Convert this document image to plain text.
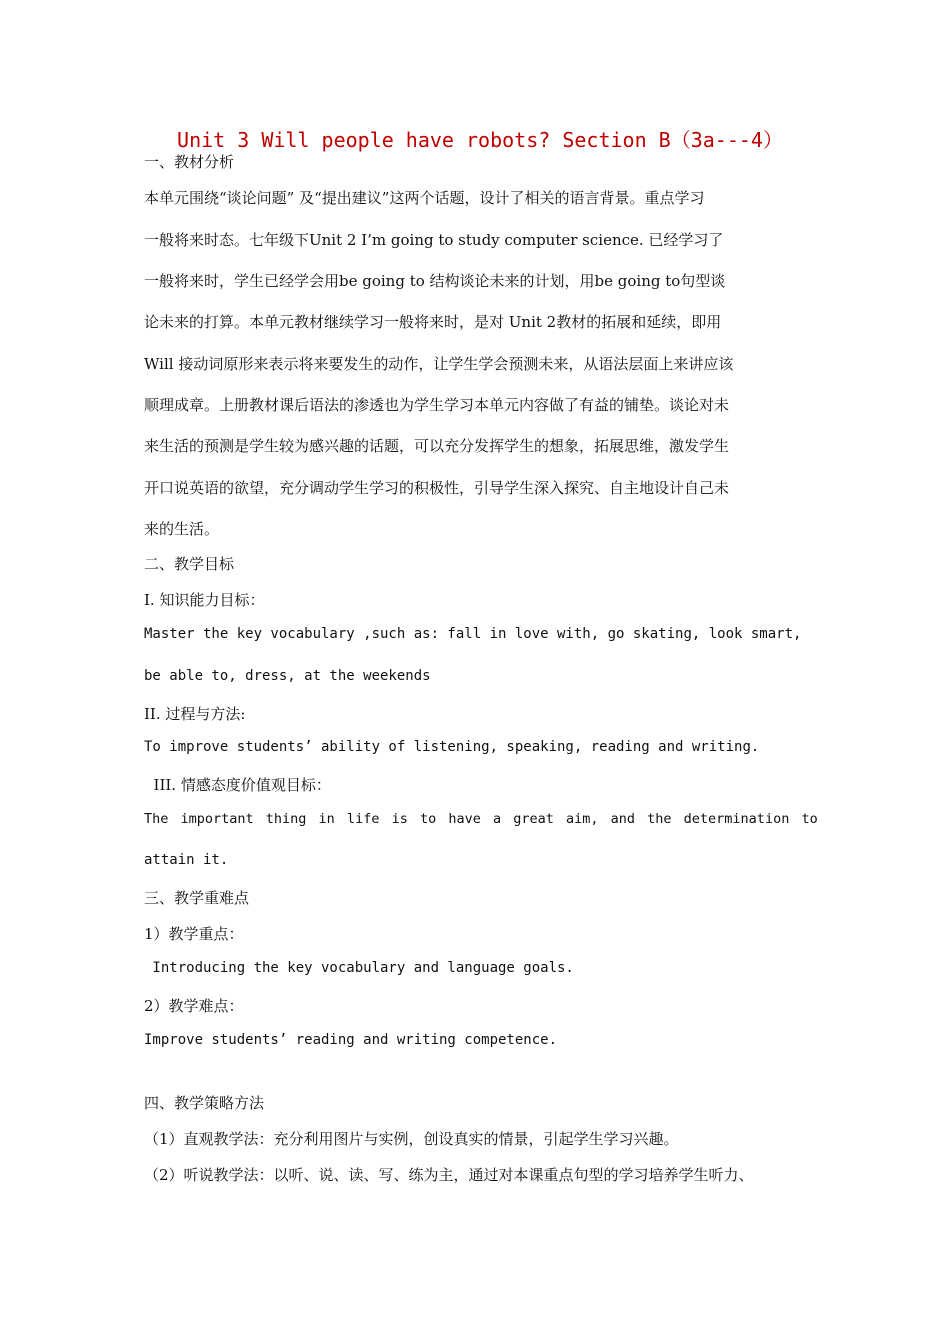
Unit 3 Will people have robots? Section B（3a---4）
一、教材分析
本单元围绕“谈论问题” 及“提出建议”这两个话题，设计了相关的语言背景。重点学习
一般将来时态。七年级下Unit 2 I’m going to study computer science. 已经学习了
一般将来时，学生已经学会用be going to 结构谈论未来的计划，用be going to句型谈
论未来的打算。本单元教材继续学习一般将来时，是对 Unit 2教材的拓展和延续，即用
Will 接动词原形来表示将来要发生的动作，让学生学会预测未来，从语法层面上来讲应该
顺理成章。上册教材课后语法的渗透也为学生学习本单元内容做了有益的铺垫。谈论对未
来生活的预测是学生较为感兴趣的话题，可以充分发挥学生的想象，拓展思维，激发学生
开口说英语的欲望，充分调动学生学习的积极性，引导学生深入探究、自主地设计自己未
来的生活。
二、教学目标
I. 知识能力目标：
Master the key vocabulary ,such as: fall in love with, go skating, look smart,
be able to, dress, at the weekends
II. 过程与方法:
To improve students’ ability of listening, speaking, reading and writing.
III. 情感态度价值观目标：
The important thing in life is to have a great aim, and the determination to
attain it.
三、教学重难点
1）教学重点：
Introducing the key vocabulary and language goals.
2）教学难点：
Improve students’ reading and writing competence.
四、教学策略方法
（1）直观教学法：充分利用图片与实例，创设真实的情景，引起学生学习兴趣。
（2）听说教学法：以听、说、读、写、练为主，通过对本课重点句型的学习培养学生听力、
